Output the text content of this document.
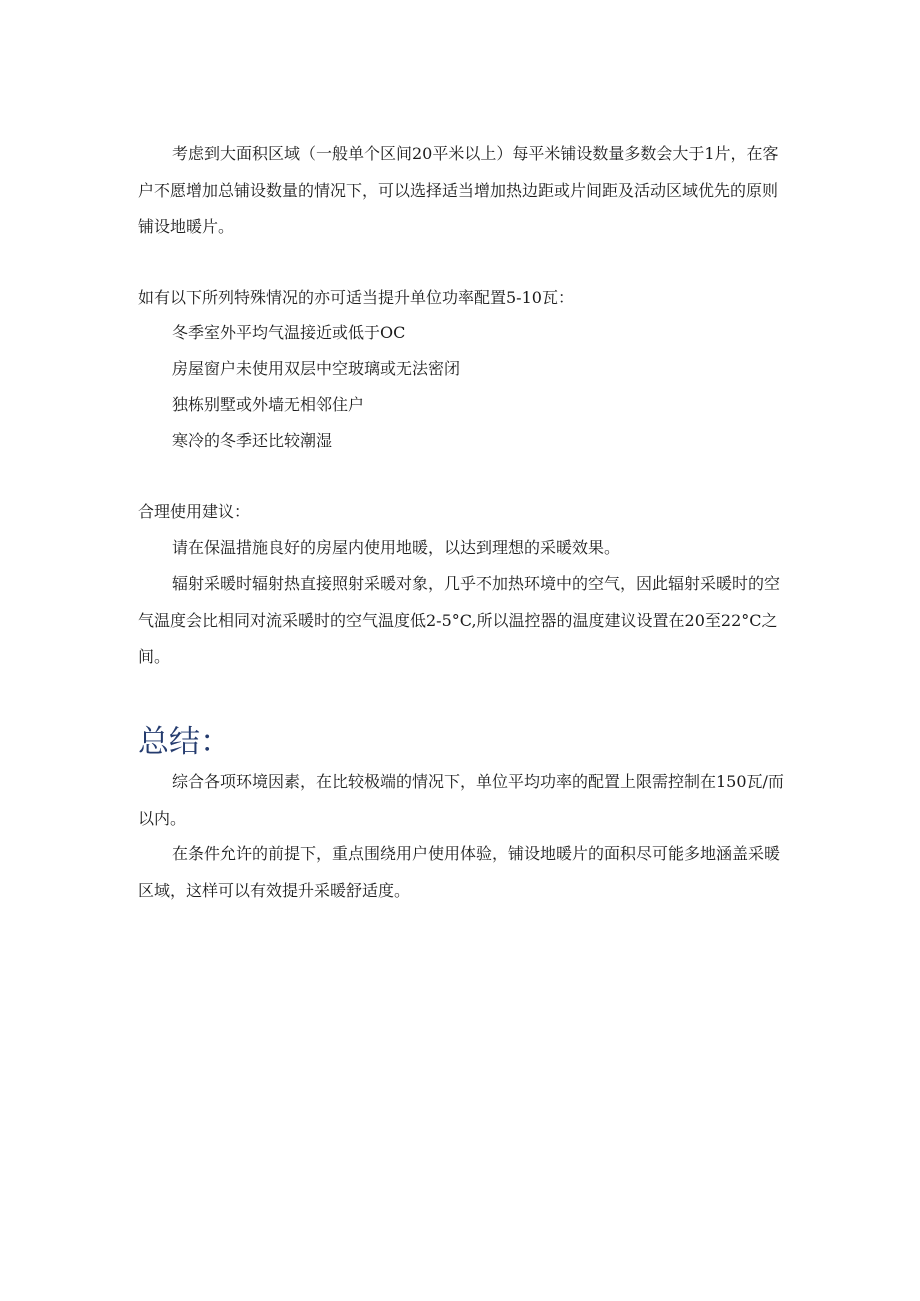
考虑到大面积区域（一般单个区间20平米以上）每平米铺设数量多数会大于1片，在客户不愿增加总铺设数量的情况下，可以选择适当增加热边距或片间距及活动区域优先的原则铺设地暖片。

如有以下所列特殊情况的亦可适当提升单位功率配置5-10瓦：

冬季室外平均气温接近或低于OC
房屋窗户未使用双层中空玻璃或无法密闭
独栋别墅或外墙无相邻住户
寒冷的冬季还比较潮湿

合理使用建议：

请在保温措施良好的房屋内使用地暖，以达到理想的采暖效果。

辐射采暖时辐射热直接照射采暖对象，几乎不加热环境中的空气，因此辐射采暖时的空气温度会比相同对流采暖时的空气温度低2-5°C,所以温控器的温度建议设置在20至22°C之间。

总结：

综合各项环境因素，在比较极端的情况下，单位平均功率的配置上限需控制在150瓦/而以内。

在条件允许的前提下，重点围绕用户使用体验，铺设地暖片的面积尽可能多地涵盖采暖区域，这样可以有效提升采暖舒适度。
